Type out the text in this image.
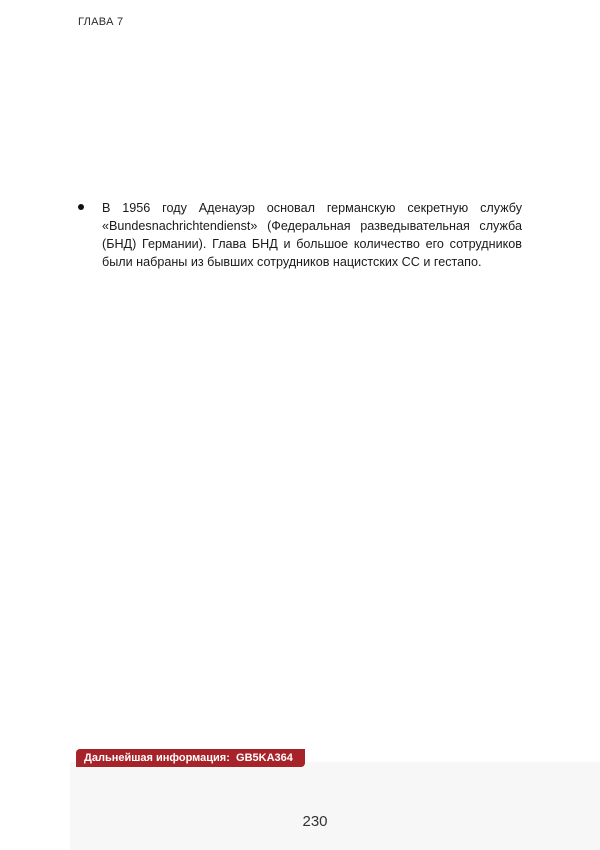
ГЛАВА 7
В 1956 году Аденауэр основал германскую секретную службу «Bundesnachrichtendienst» (Федеральная разведывательная служба (БНД) Германии). Глава БНД и большое количество его сотрудников были набраны из бывших сотрудников нацистских СС и гестапо.
Дальнейшая информация: GB5KA364
230
